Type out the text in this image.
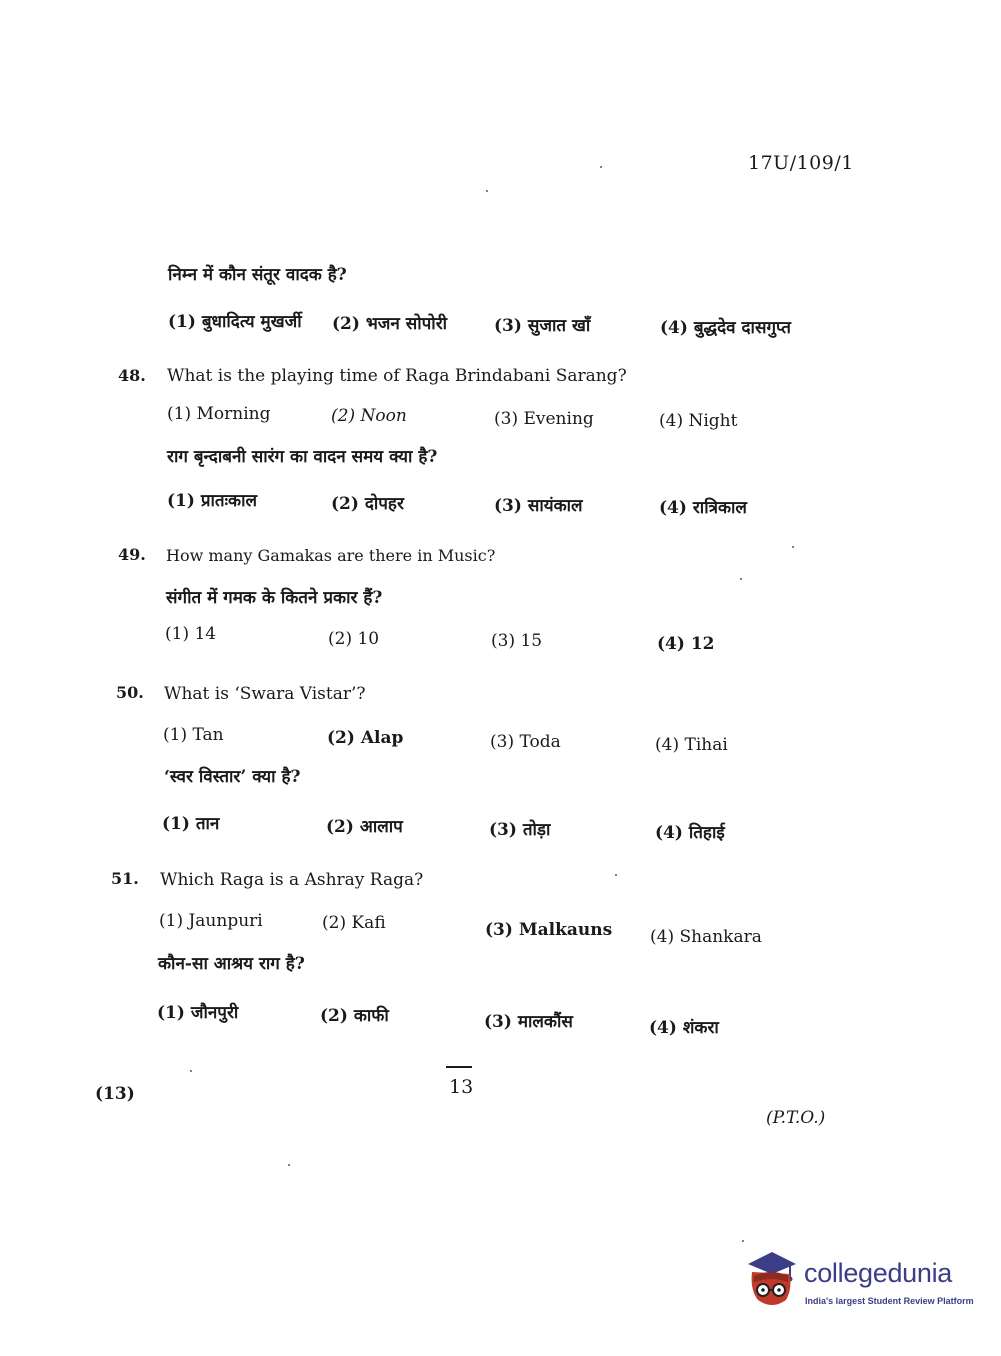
17U/109/1
निम्न में कौन संतूर वादक है?
(1) बुधादित्य मुखर्जी (2) भजन सोपोरी	(3) सुजात खाँ	(4) बुद्धदेव दासगुप्त
48. What is the playing time of Raga Brindabani Sarang?
(1) Morning	(2) Noon	(3) Evening	(4) Night
राग बृन्दाबनी सारंग का वादन समय क्या है?
(1) प्रातःकाल	(2) दोपहर	(3) सायंकाल	(4) रात्रिकाल
49. How many Gamakas are there in Music?
संगीत में गमक के कितने प्रकार हैं?
(1) 14	(2) 10	(3) 15	(4) 12
50. What is ‘Swara Vistar’?
(1) Tan	(2) Alap	(3) Toda	(4) Tihai
‘स्वर विस्तार’ क्या है?
(1) तान	(2) आलाप	(3) तोड़ा	(4) तिहाई
51. Which Raga is a Ashray Raga?
(1) Jaunpuri	(2) Kafi	(3) Malkauns (4) Shankara
कौन-सा आश्रय राग है?
(1) जौनपुरी	(2) काफी	(3) मालकौंस	(4) शंकरा
(13)	13
(P.T.O.)
collegedunia
India's largest Student Review Platform
